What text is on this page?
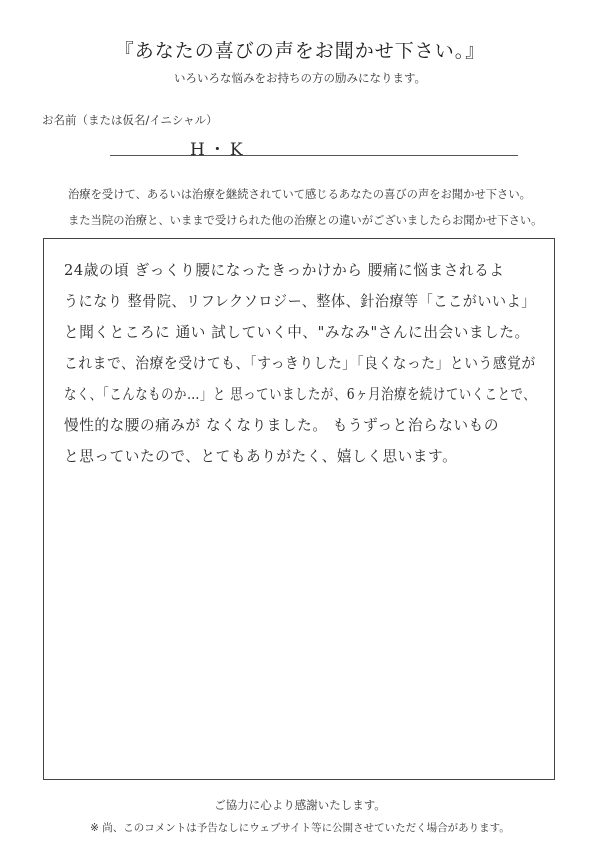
『あなたの喜びの声をお聞かせ下さい。』
いろいろな悩みをお持ちの方の励みになります。
お名前（または仮名/イニシャル）
H・K
治療を受けて、あるいは治療を継続されていて感じるあなたの喜びの声をお聞かせ下さい。
また当院の治療と、いままで受けられた他の治療との違いがございましたらお聞かせ下さい。
24歳の頃 ぎっくり腰になったきっかけから 腰痛に悩まされるよ
うになり 整骨院、リフレクソロジー、整体、針治療等「ここがいいよ」
と聞くところに 通い 試していく中、"みなみ"さんに出会いました。
これまで、治療を受けても、「すっきりした」「良くなった」という感覚が
なく、「こんなものか…」と 思っていましたが、6ヶ月治療を続けていくことで、
慢性的な腰の痛みが なくなりました。 もうずっと治らないもの
と思っていたので、とてもありがたく、嬉しく思います。
ご協力に心より感謝いたします。
※ 尚、このコメントは予告なしにウェブサイト等に公開させていただく場合があります。
